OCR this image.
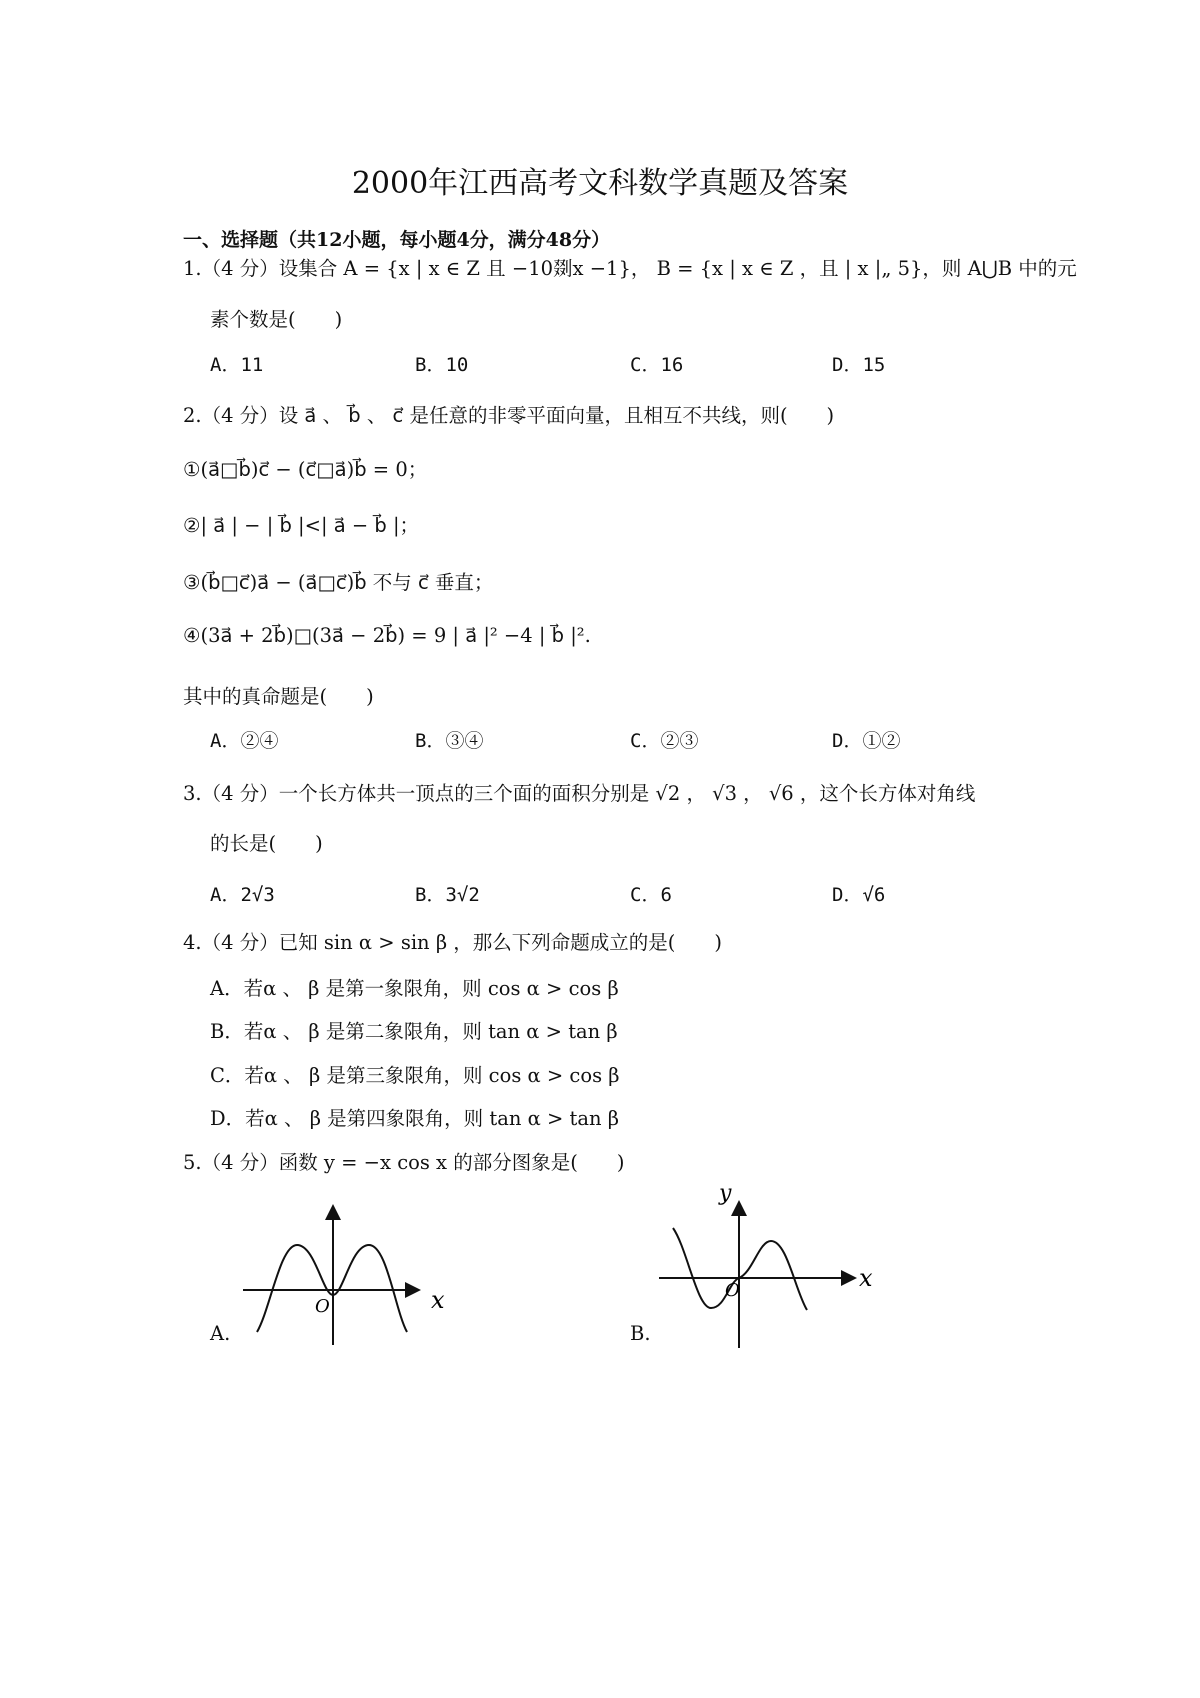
2000年江西高考文科数学真题及答案
一、选择题（共12小题，每小题4分，满分48分）
1.（4 分）设集合 A = {x | x ∈ Z 且 −10剟x −1}， B = {x | x ∈ Z ，且 | x |„ 5}，则 A⋃B 中的元
素个数是(　　)
A．11	B．10	C．16	D．15
2.（4 分）设 a⃗ 、 b⃗ 、 c⃗ 是任意的非零平面向量，且相互不共线，则(　　)
①(a⃗□b⃗)c⃗ − (c⃗□a⃗)b⃗ = 0；
②| a⃗ | − | b⃗ |<| a⃗ − b⃗ |；
③(b⃗□c⃗)a⃗ − (a⃗□c⃗)b⃗ 不与 c⃗ 垂直；
④(3a⃗ + 2b⃗)□(3a⃗ − 2b⃗) = 9 | a⃗ |² −4 | b⃗ |².
其中的真命题是(　　)
A．②④	B．③④	C．②③	D．①②
3.（4 分）一个长方体共一顶点的三个面的面积分别是 √2 ， √3 ， √6 ，这个长方体对角线
的长是(　　)
A．2√3	B．3√2	C．6	D．√6
4.（4 分）已知 sin α > sin β ，那么下列命题成立的是(　　)
A．若α 、 β 是第一象限角，则 cos α > cos β
B．若α 、 β 是第二象限角，则 tan α > tan β
C．若α 、 β 是第三象限角，则 cos α > cos β
D．若α 、 β 是第四象限角，则 tan α > tan β
5.（4 分）函数 y = −x cos x 的部分图象是(　　)
O	x
A.
O	x
y
B.
